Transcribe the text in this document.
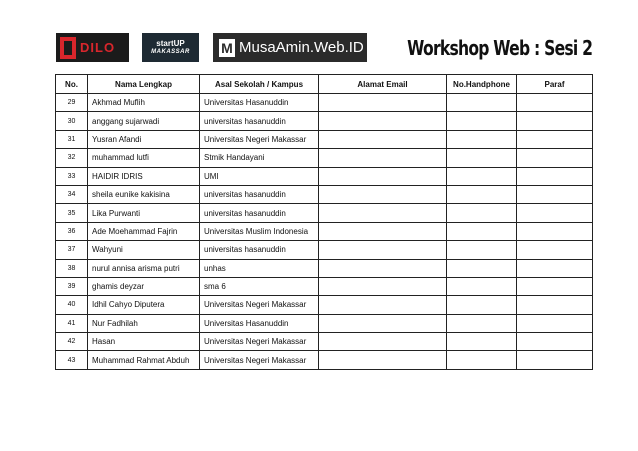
DILO	startUP
MAKASSAR M MusaAmin.Web.ID Workshop Web : Sesi 2
No.	Nama Lengkap	Asal Sekolah / Kampus	Alamat Email	No.Handphone	Paraf
29	Akhmad Muflih	Universitas Hasanuddin			
30	anggang sujarwadi	universitas hasanuddin			
31	Yusran Afandi	Universitas Negeri Makassar			
32	muhammad lutfi	Stmik Handayani			
33	HAIDIR IDRIS	UMI			
34	sheila eunike kakisina	universitas hasanuddin			
35	Lika Purwanti	universitas hasanuddin			
36	Ade Moehammad Fajrin	Universitas Muslim Indonesia			
37	Wahyuni	universitas hasanuddin			
38	nurul annisa arisma putri	unhas			
39	ghamis deyzar	sma 6			
40	Idhil Cahyo Diputera	Universitas Negeri Makassar			
41	Nur Fadhilah	Universitas Hasanuddin			
42	Hasan	Universitas Negeri Makassar			
43	Muhammad Rahmat Abduh	Universitas Negeri Makassar			
